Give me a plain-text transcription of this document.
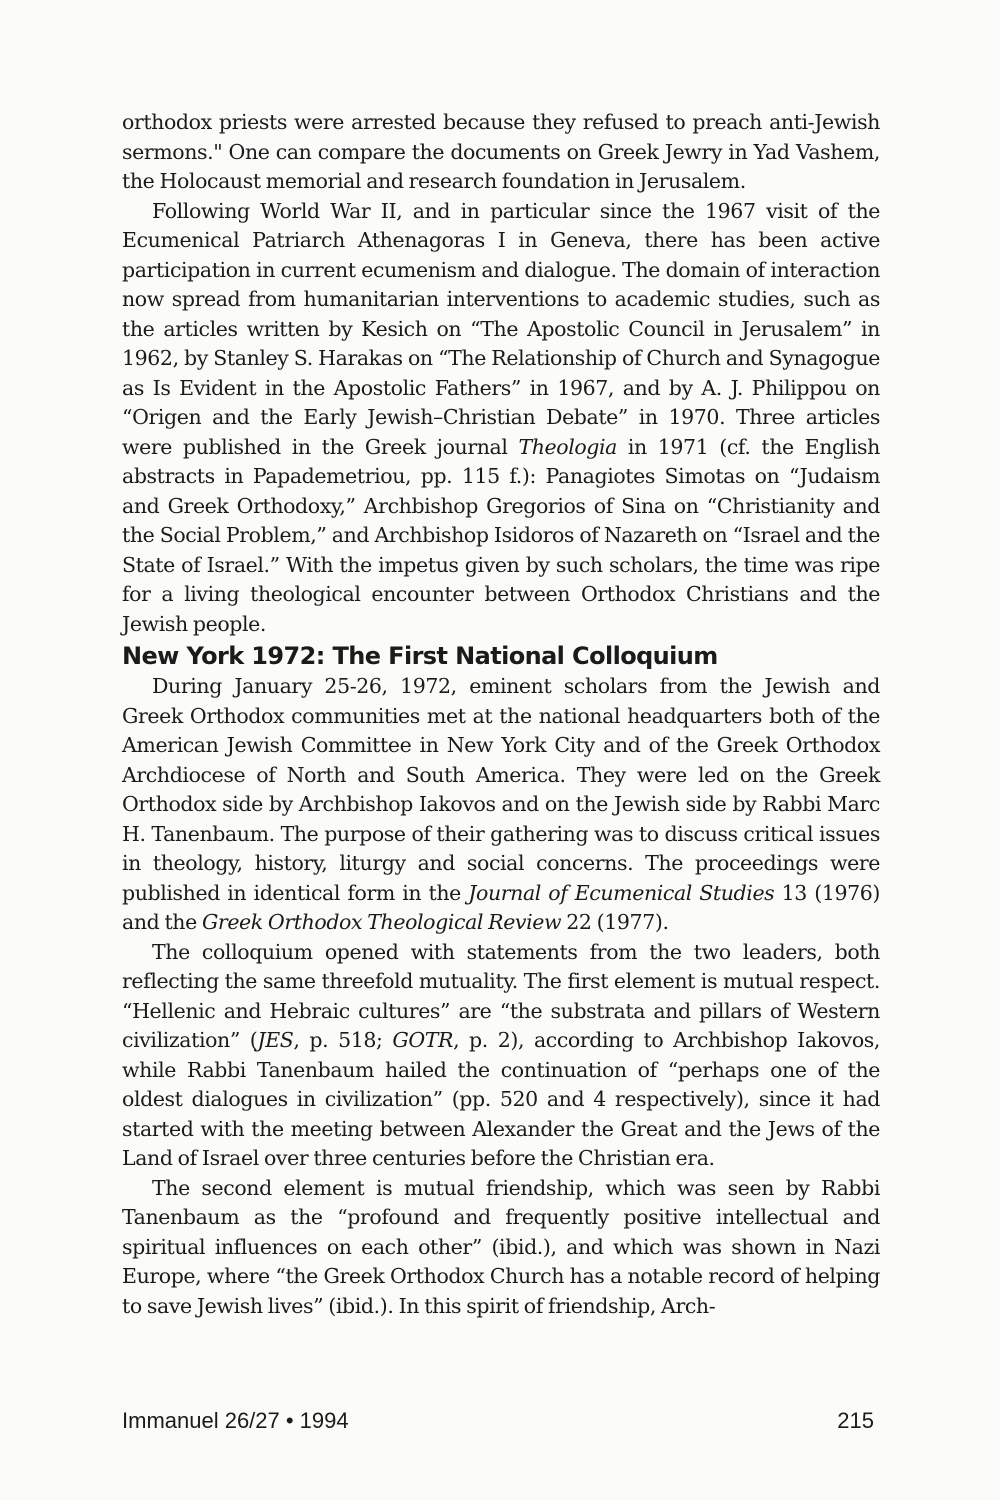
orthodox priests were arrested because they refused to preach anti-Jewish sermons." One can compare the documents on Greek Jewry in Yad Vashem, the Holocaust memorial and research foundation in Jerusalem.

Following World War II, and in particular since the 1967 visit of the Ecumenical Patriarch Athenagoras I in Geneva, there has been active participation in current ecumenism and dialogue. The domain of interaction now spread from humanitarian interventions to academic studies, such as the articles written by Kesich on “The Apostolic Council in Jerusalem” in 1962, by Stanley S. Harakas on “The Relationship of Church and Synagogue as Is Evident in the Apostolic Fathers” in 1967, and by A. J. Philippou on “Origen and the Early Jewish–Christian Debate” in 1970. Three articles were published in the Greek journal Theologia in 1971 (cf. the English abstracts in Papademetriou, pp. 115 f.): Panagiotes Simotas on “Judaism and Greek Orthodoxy,” Archbishop Gregorios of Sina on “Christianity and the Social Problem,” and Archbishop Isidoros of Nazareth on “Israel and the State of Israel.” With the impetus given by such scholars, the time was ripe for a living theological encounter between Orthodox Christians and the Jewish people.

New York 1972: The First National Colloquium

During January 25-26, 1972, eminent scholars from the Jewish and Greek Orthodox communities met at the national headquarters both of the American Jewish Committee in New York City and of the Greek Orthodox Archdiocese of North and South America. They were led on the Greek Orthodox side by Archbishop Iakovos and on the Jewish side by Rabbi Marc H. Tanenbaum. The purpose of their gathering was to discuss critical issues in theology, history, liturgy and social concerns. The proceedings were published in identical form in the Journal of Ecumenical Studies 13 (1976) and the Greek Orthodox Theological Review 22 (1977).

The colloquium opened with statements from the two leaders, both reflecting the same threefold mutuality. The first element is mutual respect. “Hellenic and Hebraic cultures” are “the substrata and pillars of Western civilization” (JES, p. 518; GOTR, p. 2), according to Archbishop Iakovos, while Rabbi Tanenbaum hailed the continuation of “perhaps one of the oldest dialogues in civilization” (pp. 520 and 4 respectively), since it had started with the meeting between Alexander the Great and the Jews of the Land of Israel over three centuries before the Christian era.

The second element is mutual friendship, which was seen by Rabbi Tanenbaum as the “profound and frequently positive intellectual and spiritual influences on each other” (ibid.), and which was shown in Nazi Europe, where “the Greek Orthodox Church has a notable record of helping to save Jewish lives” (ibid.). In this spirit of friendship, Arch-

Immanuel 26/27 • 1994	215
